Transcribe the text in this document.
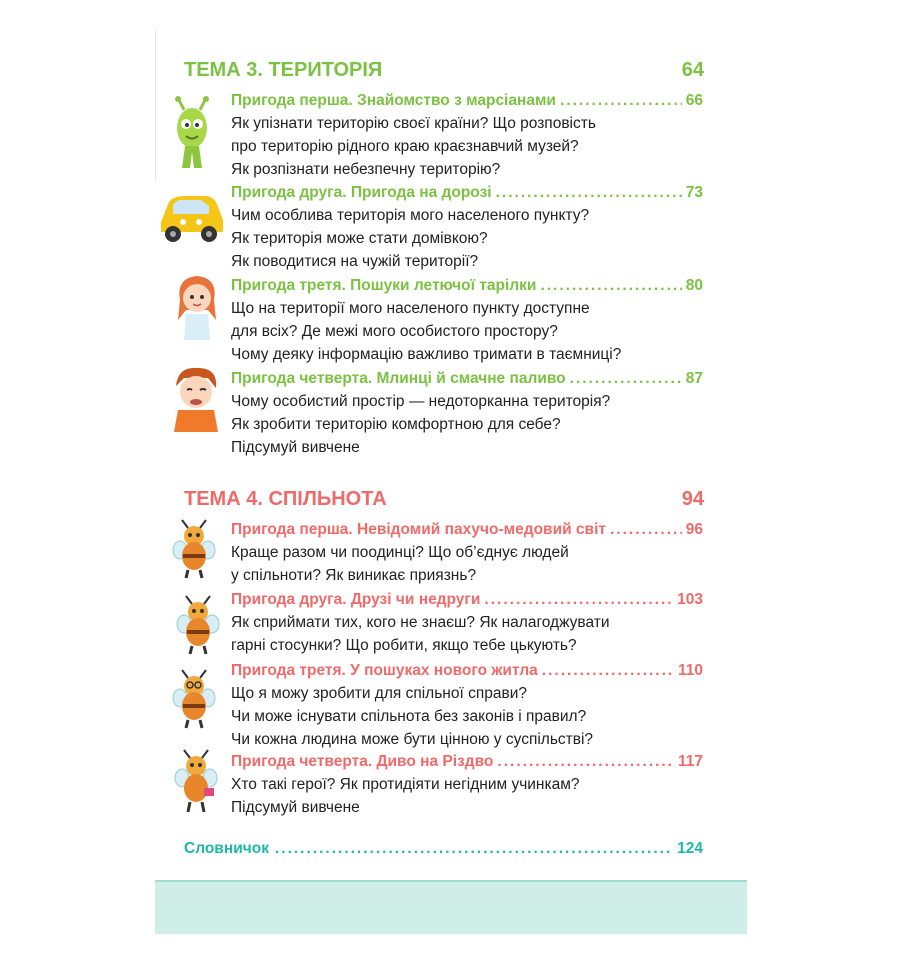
ТЕМА 3. ТЕРИТОРІЯ	64
Пригода перша. Знайомство з марсіанами .....	66
Як упізнати територію своєї країни? Що розповість
про територію рідного краю краєзнавчий музей?
Як розпізнати небезпечну територію?
Пригода друга. Пригода на дорозі .....	73
Чим особлива територія мого населеного пункту?
Як територія може стати домівкою?
Як поводитися на чужій території?
Пригода третя. Пошуки летючої тарілки .....	80
Що на території мого населеного пункту доступне
для всіх? Де межі мого особистого простору?
Чому деяку інформацію важливо тримати в таємниці?
Пригода четверта. Млинці й смачне паливо .....	87
Чому особистий простір — недоторканна територія?
Як зробити територію комфортною для себе?
Підсумуй вивчене
ТЕМА 4. СПІЛЬНОТА	94
Пригода перша. Невідомий пахучо-медовий світ .....	96
Краще разом чи поодинці? Що об’єднує людей
у спільноти? Як виникає приязнь?
Пригода друга. Друзі чи недруги .....	103
Як сприймати тих, кого не знаєш? Як налагоджувати
гарні стосунки? Що робити, якщо тебе цькують?
Пригода третя. У пошуках нового житла .....	110
Що я можу зробити для спільної справи?
Чи може існувати спільнота без законів і правил?
Чи кожна людина може бути цінною у суспільстві?
Пригода четверта. Диво на Різдво .....	117
Хто такі герої? Як протидіяти негідним учинкам?
Підсумуй вивчене
Словничок .....	124
